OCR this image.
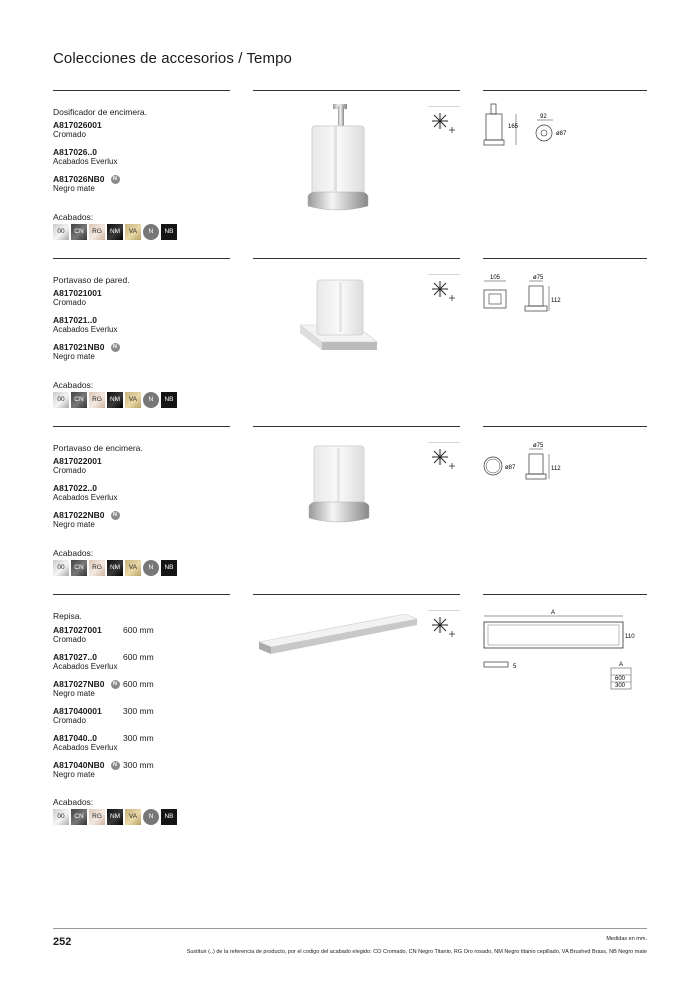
Colecciones de accesorios / Tempo
Dosificador de encimera.
A817026001
Cromado
A817026..0
Acabados Everlux
A817026NB0 N
Negro mate
Acabados:
00	CN	RG	NM	VA	N	NB
165
92
ø87
Portavaso de pared.
A817021001
Cromado
A817021..0
Acabados Everlux
A817021NB0 N
Negro mate
Acabados:
00	CN	RG	NM	VA	N	NB
105	ø75
112
Portavaso de encimera.
A817022001
Cromado
A817022..0
Acabados Everlux
A817022NB0 N
Negro mate
Acabados:
00	CN	RG	NM	VA	N	NB
ø87
ø75
112
Repisa.
A817027001	600 mm
Cromado
A817027..0	600 mm
Acabados Everlux
A817027NB0 N 600 mm
Negro mate
A817040001	300 mm
Cromado
A817040..0	300 mm
Acabados Everlux
A817040NB0 N 300 mm
Negro mate
Acabados:
00	CN	RG	NM	VA	N	NB
A
110
5	A
600
300
252	Medidas en mm.
Sustituir (..) de la referencia de producto, por el codigo del acabado elegido: CO Cromado, CN Negro Titanio, RG Oro rosado, NM Negro titanio cepillado, VA Brushed Brass, NB Negro mate
